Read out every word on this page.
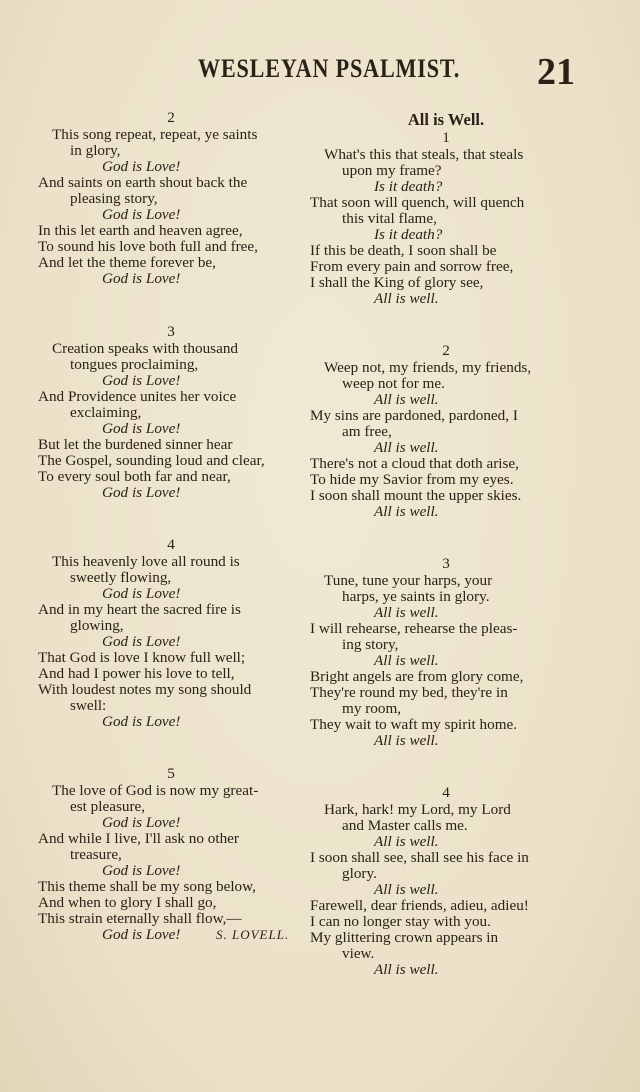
WESLEYAN PSALMIST. 21
2
This song repeat, repeat, ye saints
in glory,
God is Love!
And saints on earth shout back the
pleasing story,
God is Love!
In this let earth and heaven agree,
To sound his love both full and free,
And let the theme forever be,
God is Love!
3
Creation speaks with thousand
tongues proclaiming,
God is Love!
And Providence unites her voice
exclaiming,
God is Love!
But let the burdened sinner hear
The Gospel, sounding loud and clear,
To every soul both far and near,
God is Love!
4
This heavenly love all round is
sweetly flowing,
God is Love!
And in my heart the sacred fire is
glowing,
God is Love!
That God is love I know full well;
And had I power his love to tell,
With loudest notes my song should
swell:
God is Love!
5
The love of God is now my great-
est pleasure,
God is Love!
And while I live, I'll ask no other
treasure,
God is Love!
This theme shall be my song below,
And when to glory I shall go,
This strain eternally shall flow,—
God is Love!	S. LOVELL.
All is Well.
1
What's this that steals, that steals
upon my frame?
Is it death?
That soon will quench, will quench
this vital flame,
Is it death?
If this be death, I soon shall be
From every pain and sorrow free,
I shall the King of glory see,
All is well.
2
Weep not, my friends, my friends,
weep not for me.
All is well.
My sins are pardoned, pardoned, I
am free,
All is well.
There's not a cloud that doth arise,
To hide my Savior from my eyes.
I soon shall mount the upper skies.
All is well.
3
Tune, tune your harps, your
harps, ye saints in glory.
All is well.
I will rehearse, rehearse the pleas-
ing story,
All is well.
Bright angels are from glory come,
They're round my bed, they're in
my room,
They wait to waft my spirit home.
All is well.
4
Hark, hark! my Lord, my Lord
and Master calls me.
All is well.
I soon shall see, shall see his face in
glory.
All is well.
Farewell, dear friends, adieu, adieu!
I can no longer stay with you.
My glittering crown appears in
view.
All is well.
